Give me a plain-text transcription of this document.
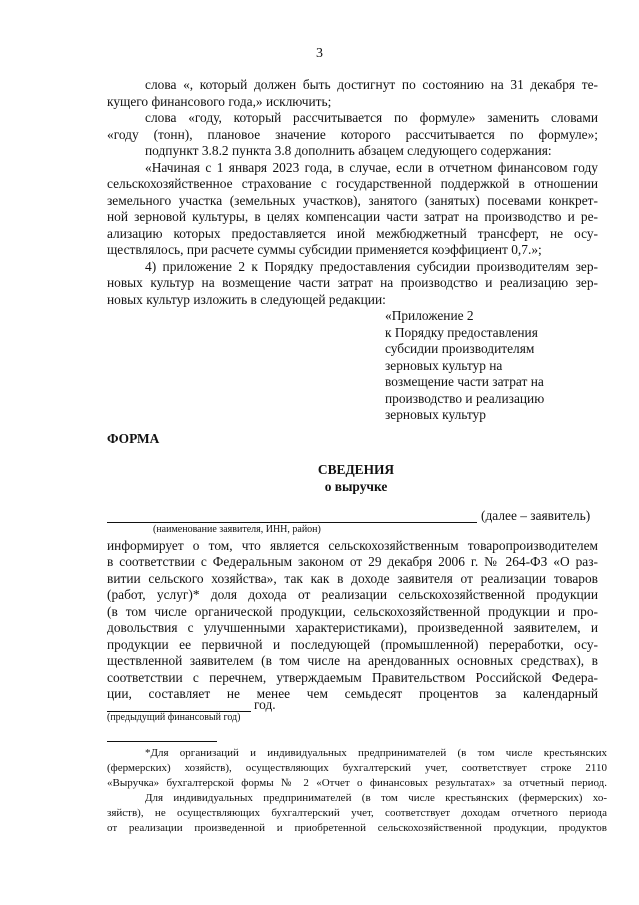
3
слова «, который должен быть достигнут по состоянию на 31 декабря те-
кущего финансового года,» исключить;
слова «году, который рассчитывается по формуле» заменить словами
«году (тонн), плановое значение которого рассчитывается по формуле»;
подпункт 3.8.2 пункта 3.8 дополнить абзацем следующего содержания:
«Начиная с 1 января 2023 года, в случае, если в отчетном финансовом году
сельскохозяйственное страхование с государственной поддержкой в отношении
земельного участка (земельных участков), занятого (занятых) посевами конкрет-
ной зерновой культуры, в целях компенсации части затрат на производство и ре-
ализацию которых предоставляется иной межбюджетный трансферт, не осу-
ществлялось, при расчете суммы субсидии применяется коэффициент 0,7.»;
4) приложение 2 к Порядку предоставления субсидии производителям зер-
новых культур на возмещение части затрат на производство и реализацию зер-
новых культур изложить в следующей редакции:
«Приложение 2
к Порядку предоставления
субсидии производителям
зерновых культур на
возмещение части затрат на
производство и реализацию
зерновых культур
ФОРМА
СВЕДЕНИЯ
о выручке
(далее – заявитель)
(наименование заявителя, ИНН, район)
информирует о том, что является сельскохозяйственным товаропроизводителем
в соответствии с Федеральным законом от 29 декабря 2006 г. № 264-ФЗ «О раз-
витии сельского хозяйства», так как в доходе заявителя от реализации товаров
(работ, услуг)* доля дохода от реализации сельскохозяйственной продукции
(в том числе органической продукции, сельскохозяйственной продукции и про-
довольствия с улучшенными характеристиками), произведенной заявителем, и
продукции ее первичной и последующей (промышленной) переработки, осу-
ществленной заявителем (в том числе на арендованных основных средствах), в
соответствии с перечнем, утверждаемым Правительством Российской Федера-
ции, составляет не менее чем семьдесят процентов за календарный
год.
(предыдущий финансовый год)
*Для организаций и индивидуальных предпринимателей (в том числе крестьянских
(фермерских) хозяйств), осуществляющих бухгалтерский учет, соответствует строке 2110
«Выручка» бухгалтерской формы № 2 «Отчет о финансовых результатах» за отчетный период.
Для индивидуальных предпринимателей (в том числе крестьянских (фермерских) хо-
зяйств), не осуществляющих бухгалтерский учет, соответствует доходам отчетного периода
от реализации произведенной и приобретенной сельскохозяйственной продукции, продуктов
